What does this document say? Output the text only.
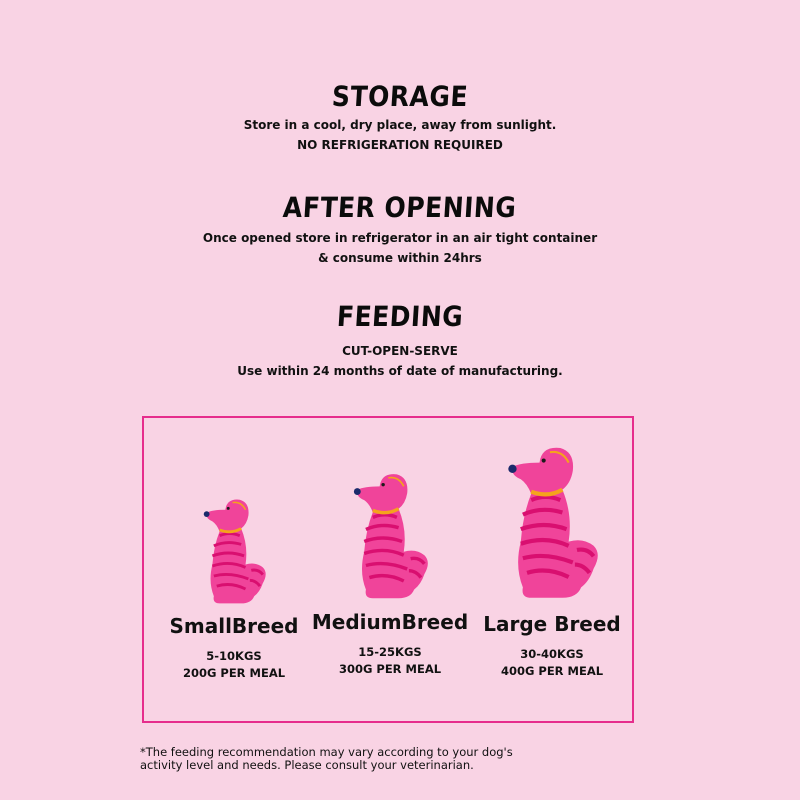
STORAGE
Store in a cool, dry place, away from sunlight.
NO REFRIGERATION REQUIRED
AFTER OPENING
Once opened store in refrigerator in an air tight container
& consume within 24hrs
FEEDING
CUT-OPEN-SERVE
Use within 24 months of date of manufacturing.
SmallBreed
5-10KGS
200G PER MEAL
MediumBreed
15-25KGS
300G PER MEAL
Large Breed
30-40KGS
400G PER MEAL
*The feeding recommendation may vary according to your dog's
activity level and needs. Please consult your veterinarian.
